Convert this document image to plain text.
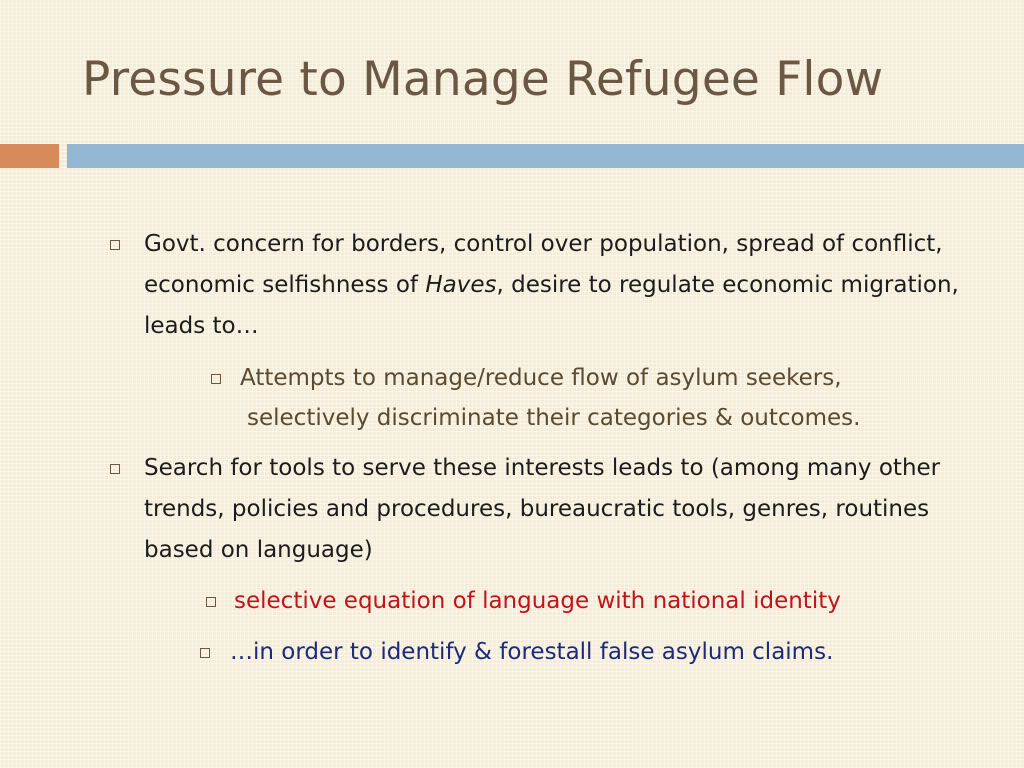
Pressure to Manage Refugee Flow
Govt. concern for borders, control over population, spread of conflict, economic selfishness of Haves, desire to regulate economic migration, leads to…
Attempts to manage/reduce flow of asylum seekers,
selectively discriminate their categories & outcomes.
Search for tools to serve these interests leads to (among many other trends, policies and procedures, bureaucratic tools, genres, routines based on language)
selective equation of language with national identity
…in order to identify & forestall false asylum claims.
